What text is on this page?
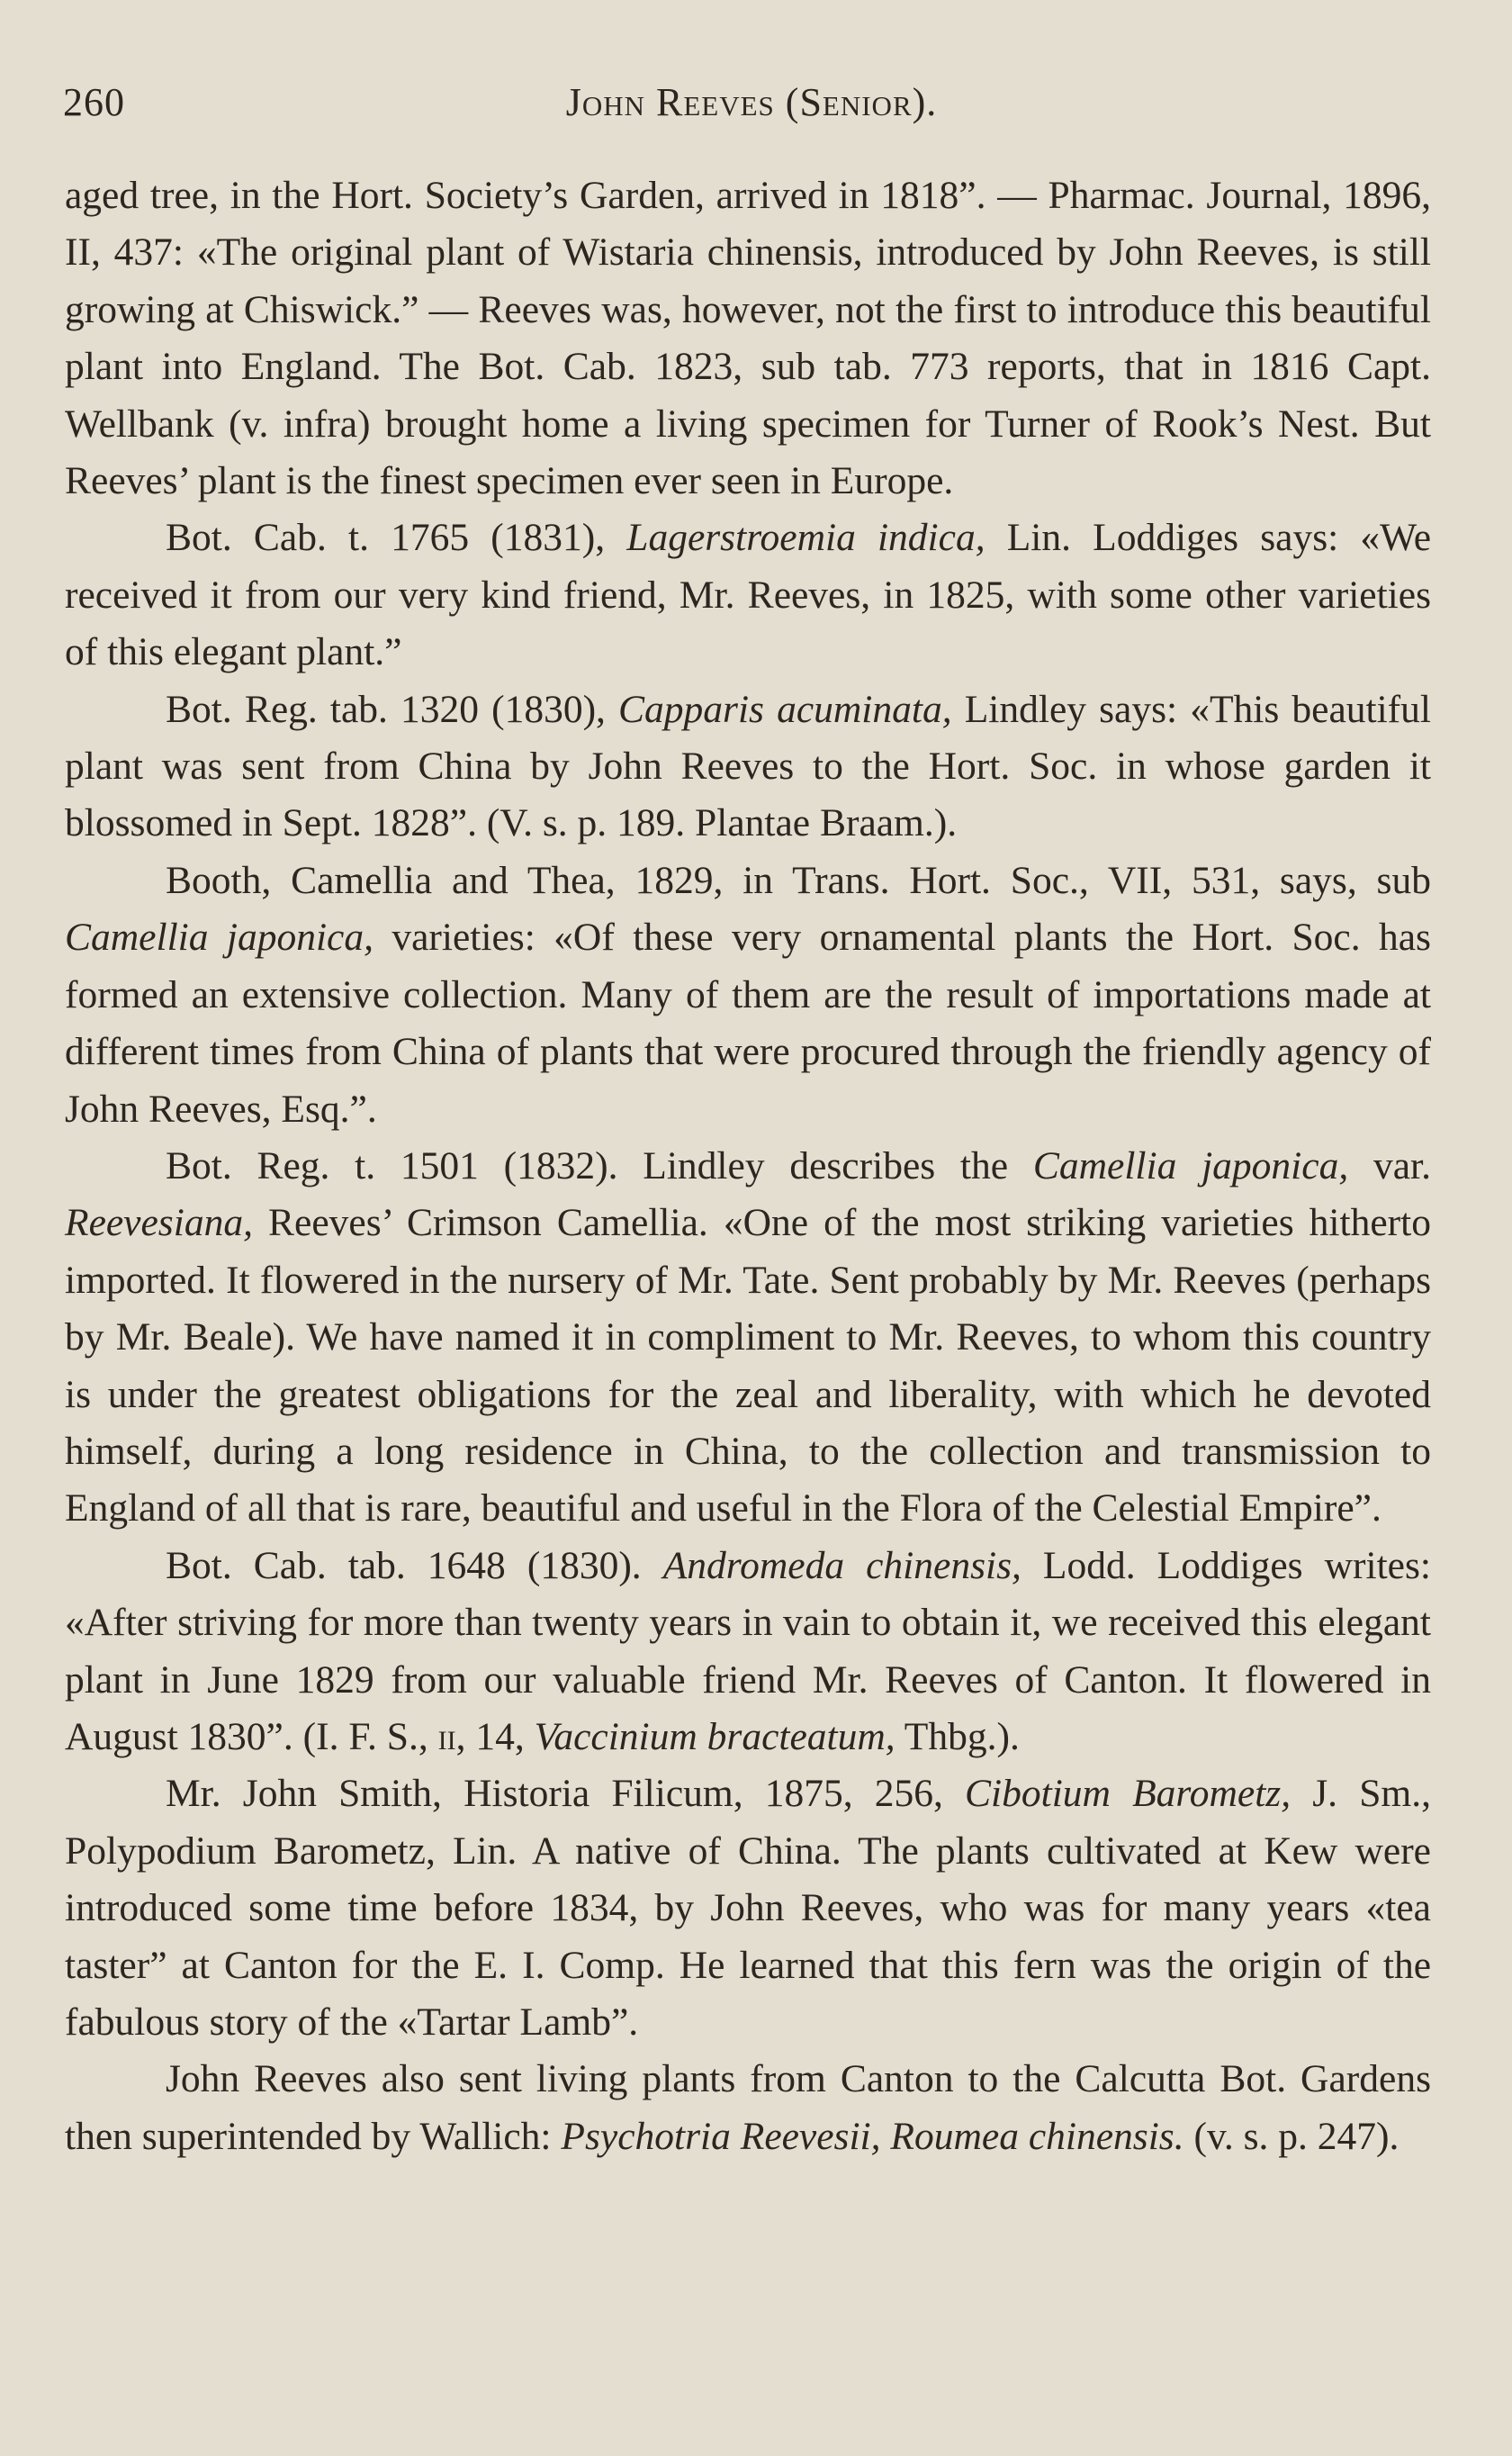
260	John Reeves (Senior).

aged tree, in the Hort. Society’s Garden, arrived in 1818”. — Pharmac. Journal, 1896, II, 437: «The original plant of Wistaria chinensis, introduced by John Reeves, is still growing at Chiswick.” — Reeves was, however, not the first to introduce this beautiful plant into England. The Bot. Cab. 1823, sub tab. 773 reports, that in 1816 Capt. Wellbank (v. infra) brought home a living specimen for Turner of Rook’s Nest. But Reeves’ plant is the finest specimen ever seen in Europe.

Bot. Cab. t. 1765 (1831), Lagerstroemia indica, Lin. Loddiges says: «We received it from our very kind friend, Mr. Reeves, in 1825, with some other varieties of this elegant plant.”

Bot. Reg. tab. 1320 (1830), Capparis acuminata, Lindley says: «This beautiful plant was sent from China by John Reeves to the Hort. Soc. in whose garden it blossomed in Sept. 1828”. (V. s. p. 189. Plantae Braam.).

Booth, Camellia and Thea, 1829, in Trans. Hort. Soc., VII, 531, says, sub Camellia japonica, varieties: «Of these very ornamental plants the Hort. Soc. has formed an extensive collection. Many of them are the result of importations made at different times from China of plants that were procured through the friendly agency of John Reeves, Esq.”.

Bot. Reg. t. 1501 (1832). Lindley describes the Camellia japonica, var. Reevesiana, Reeves’ Crimson Camellia. «One of the most striking varieties hitherto imported. It flowered in the nursery of Mr. Tate. Sent probably by Mr. Reeves (perhaps by Mr. Beale). We have named it in compliment to Mr. Reeves, to whom this country is under the greatest obligations for the zeal and liberality, with which he devoted himself, during a long residence in China, to the collection and transmission to England of all that is rare, beautiful and useful in the Flora of the Celestial Empire”.

Bot. Cab. tab. 1648 (1830). Andromeda chinensis, Lodd. Loddiges writes: «After striving for more than twenty years in vain to obtain it, we received this elegant plant in June 1829 from our valuable friend Mr. Reeves of Canton. It flowered in August 1830”. (I. F. S., ii, 14, Vaccinium bracteatum, Thbg.).

Mr. John Smith, Historia Filicum, 1875, 256, Cibotium Barometz, J. Sm., Polypodium Barometz, Lin. A native of China. The plants cultivated at Kew were introduced some time before 1834, by John Reeves, who was for many years «tea taster” at Canton for the E. I. Comp. He learned that this fern was the origin of the fabulous story of the «Tartar Lamb”.

John Reeves also sent living plants from Canton to the Calcutta Bot. Gardens then superintended by Wallich: Psychotria Reevesii, Roumea chinensis. (v. s. p. 247).
